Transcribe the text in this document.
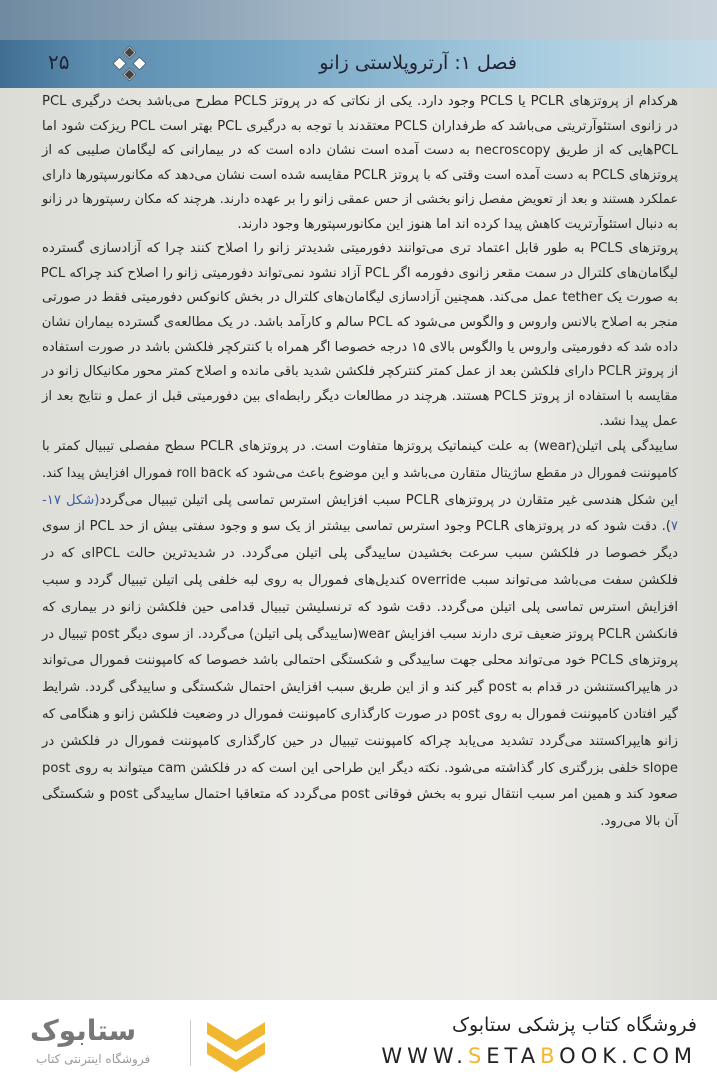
۲۵	فصل ۱: آرتروپلاستی زانو
هرکدام از پروتزهای PCLR یا PCLS وجود دارد. یکی از نکاتی که در پروتز PCLS مطرح می‌باشد بحث درگیری PCL
در زانوی استئوآرتریتی می‌باشد که طرفداران PCLS معتقدند با توجه به درگیری PCL بهتر است PCL ریزکت شود اما
PCLهایی که از طریق necroscopy به دست آمده است نشان داده است که در بیمارانی که لیگامان صلیبی که از
پروتزهای PCLS به دست آمده است وقتی که با پروتز PCLR مقایسه شده است نشان می‌دهد که مکانورسپتورها دارای
عملکرد هستند و بعد از تعویض مفصل زانو بخشی از حس عمقی زانو را بر عهده دارند. هرچند که مکان رسپتورها در زانو
به دنبال استئوآرتریت کاهش پیدا کرده اند اما هنوز این مکانورسپتورها وجود دارند.
پروتزهای PCLS به طور قابل اعتماد تری می‌توانند دفورمیتی شدیدتر زانو را اصلاح کنند چرا که آزادسازی گسترده
لیگامان‌های کلترال در سمت مقعر زانوی دفورمه اگر PCL آزاد نشود نمی‌تواند دفورمیتی زانو را اصلاح کند چراکه PCL
به صورت یک tether عمل می‌کند. همچنین آزادسازی لیگامان‌های کلترال در بخش کانوکس دفورمیتی فقط در صورتی
منجر به اصلاح بالانس واروس و والگوس می‌شود که PCL سالم و کارآمد باشد. در یک مطالعه‌ی گسترده بیماران نشان
داده شد که دفورمیتی واروس یا والگوس بالای ۱۵ درجه خصوصا اگر همراه با کنترکچر فلکشن باشد در صورت استفاده
از پروتز PCLR دارای فلکشن بعد از عمل کمتر کنترکچر فلکشن شدید باقی مانده و اصلاح کمتر محور مکانیکال زانو در
مقایسه با استفاده از پروتز PCLS هستند. هرچند در مطالعات دیگر رابطه‌ای بین دفورمیتی قبل از عمل و نتایج بعد از
عمل پیدا نشد.
ساییدگی پلی اتیلن(wear) به علت کینماتیک پروتزها متفاوت است. در پروتزهای PCLR سطح مفصلی تیبیال کمتر با
کامپوننت فمورال در مقطع ساژیتال متقارن می‌باشد و این موضوع باعث می‌شود که roll back فمورال افزایش پیدا کند.
این شکل هندسی غیر متقارن در پروتزهای PCLR سبب افزایش استرس تماسی پلی اتیلن تیبیال می‌گردد(شکل ۱۷-
۷). دقت شود که در پروتزهای PCLR وجود استرس تماسی بیشتر از یک سو و وجود سفتی بیش از حد PCL از سوی
دیگر خصوصا در فلکشن سبب سرعت بخشیدن ساییدگی پلی اتیلن می‌گردد. در شدیدترین حالت PCLای که در
فلکشن سفت می‌باشد می‌تواند سبب override کندیل‌های فمورال به روی لبه خلفی پلی اتیلن تیبیال گردد و سبب
افزایش استرس تماسی پلی اتیلن می‌گردد. دقت شود که ترنسلیشن تیبیال قدامی حین فلکشن زانو در بیماری که
فانکشن PCLR پروتز ضعیف تری دارند سبب افزایش wear(ساییدگی پلی اتیلن) می‌گردد. از سوی دیگر post تیبیال در
پروتزهای PCLS خود می‌تواند محلی جهت ساییدگی و شکستگی احتمالی باشد خصوصا که کامپوننت فمورال می‌تواند
در هایپراکستنشن در قدام به post گیر کند و از این طریق سبب افزایش احتمال شکستگی و ساییدگی گردد. شرایط
گیر افتادن کامپوننت فمورال به روی post در صورت کارگذاری کامپوننت فمورال در وضعیت فلکشن زانو و هنگامی که
زانو هایپراکستند می‌گردد تشدید می‌یابد چراکه کامپوننت تیبیال در حین کارگذاری کامپوننت فمورال در فلکشن در
slope خلفی بزرگتری کار گذاشته می‌شود. نکته دیگر این طراحی این است که در فلکشن cam میتواند به روی post
صعود کند و همین امر سبب انتقال نیرو به بخش فوقانی post می‌گردد که متعاقبا احتمال ساییدگی post و شکستگی
آن بالا می‌رود.
فروشگاه کتاب پزشکی ستابوک
WWW.SETABOOK.COM
ستابوک
فروشگاه اینترنتی کتاب
